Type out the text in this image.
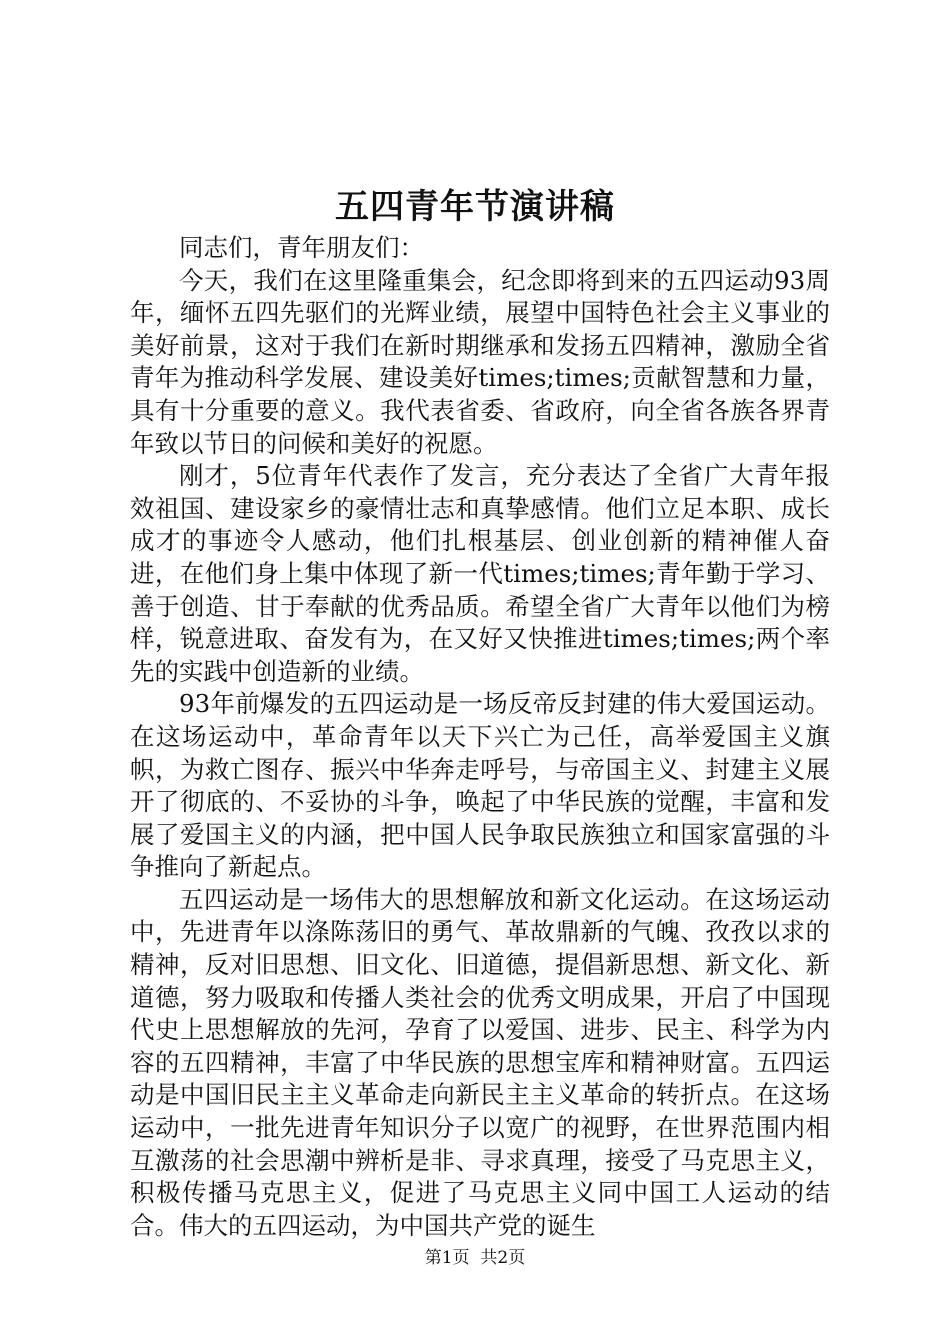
五四青年节演讲稿

同志们，青年朋友们：

今天，我们在这里隆重集会，纪念即将到来的五四运动93周年，缅怀五四先驱们的光辉业绩，展望中国特色社会主义事业的美好前景，这对于我们在新时期继承和发扬五四精神，激励全省青年为推动科学发展、建设美好times;times;贡献智慧和力量，具有十分重要的意义。我代表省委、省政府，向全省各族各界青年致以节日的问候和美好的祝愿。

刚才，5位青年代表作了发言，充分表达了全省广大青年报效祖国、建设家乡的豪情壮志和真挚感情。他们立足本职、成长成才的事迹令人感动，他们扎根基层、创业创新的精神催人奋进，在他们身上集中体现了新一代times;times;青年勤于学习、善于创造、甘于奉献的优秀品质。希望全省广大青年以他们为榜样，锐意进取、奋发有为，在又好又快推进times;times;两个率先的实践中创造新的业绩。

93年前爆发的五四运动是一场反帝反封建的伟大爱国运动。在这场运动中，革命青年以天下兴亡为己任，高举爱国主义旗帜，为救亡图存、振兴中华奔走呼号，与帝国主义、封建主义展开了彻底的、不妥协的斗争，唤起了中华民族的觉醒，丰富和发展了爱国主义的内涵，把中国人民争取民族独立和国家富强的斗争推向了新起点。

五四运动是一场伟大的思想解放和新文化运动。在这场运动中，先进青年以涤陈荡旧的勇气、革故鼎新的气魄、孜孜以求的精神，反对旧思想、旧文化、旧道德，提倡新思想、新文化、新道德，努力吸取和传播人类社会的优秀文明成果，开启了中国现代史上思想解放的先河，孕育了以爱国、进步、民主、科学为内容的五四精神，丰富了中华民族的思想宝库和精神财富。五四运动是中国旧民主主义革命走向新民主主义革命的转折点。在这场运动中，一批先进青年知识分子以宽广的视野，在世界范围内相互激荡的社会思潮中辨析是非、寻求真理，接受了马克思主义，积极传播马克思主义，促进了马克思主义同中国工人运动的结合。伟大的五四运动，为中国共产党的诞生

第1页  共2页
